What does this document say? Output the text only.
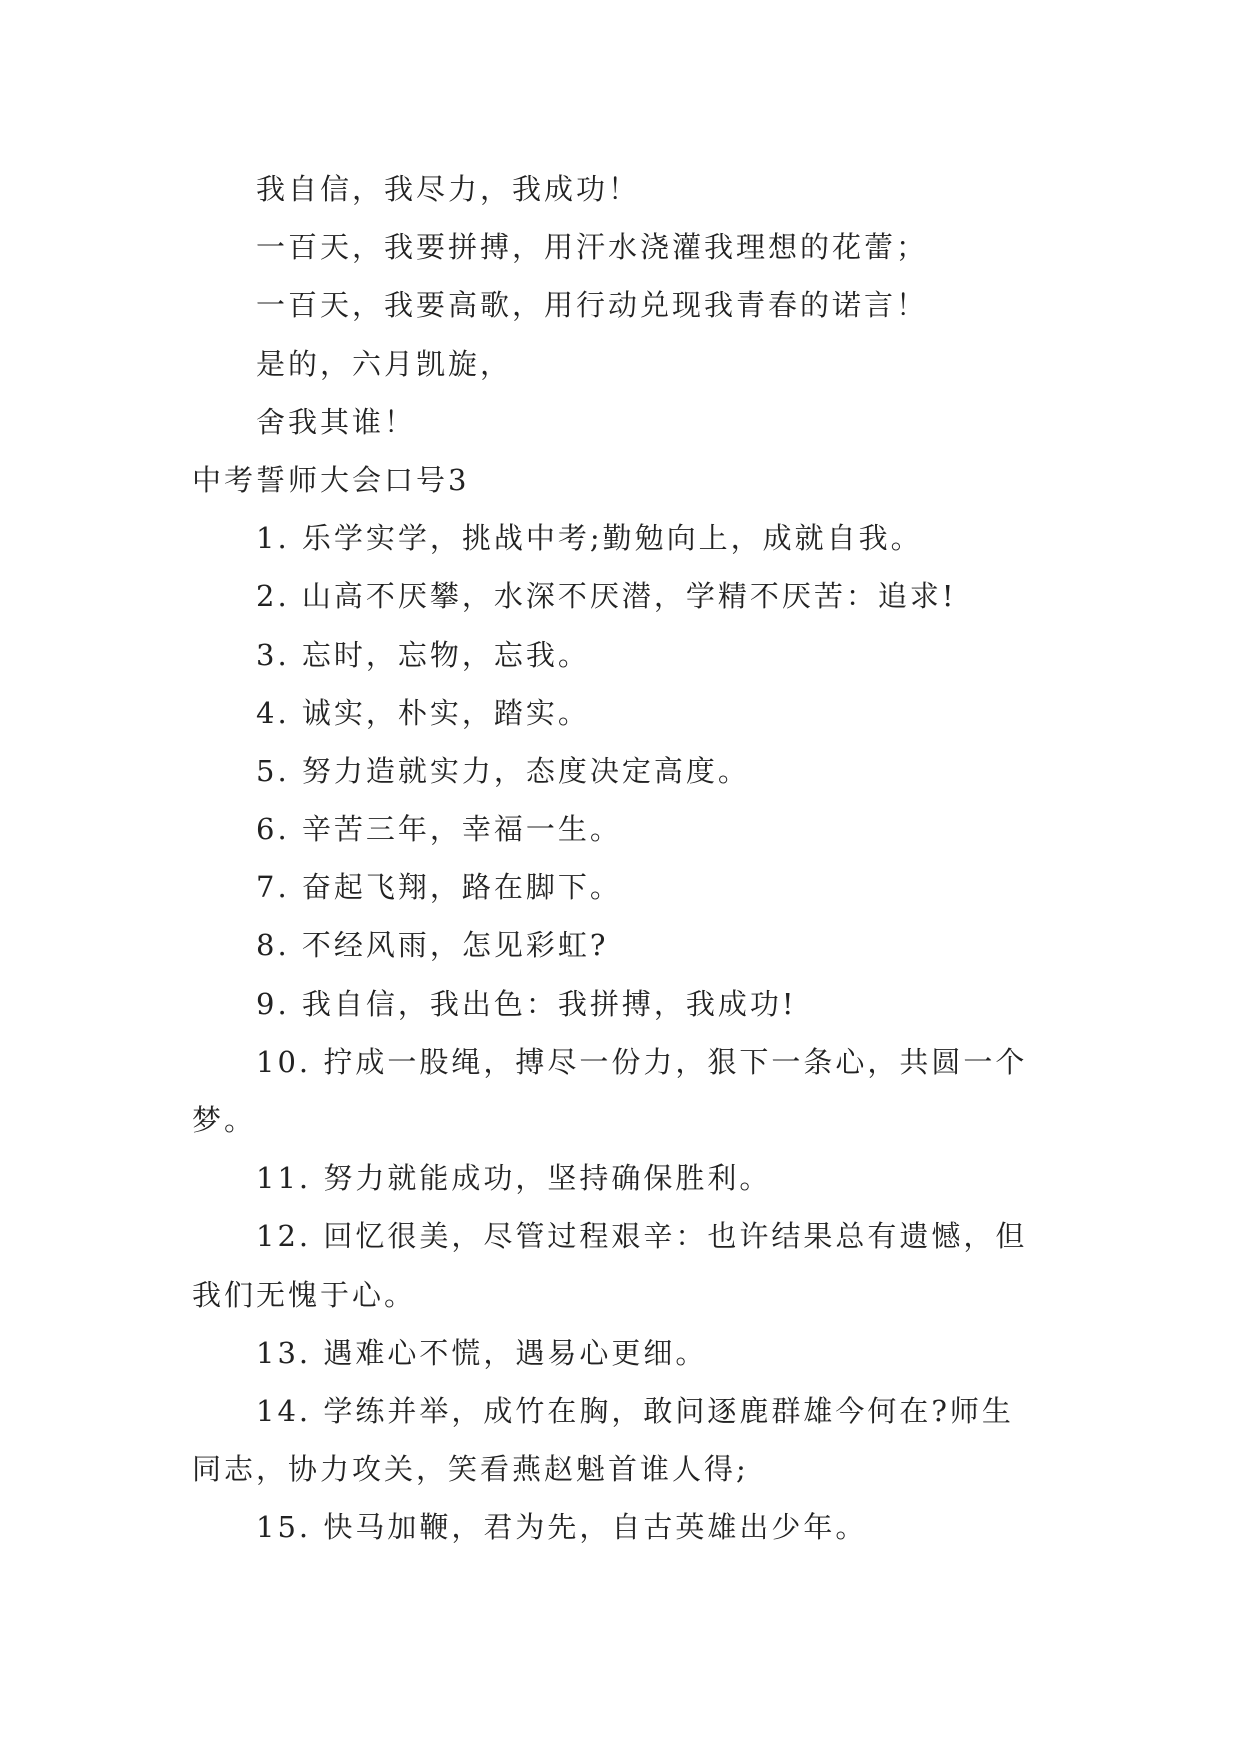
我自信，我尽力，我成功！
一百天，我要拼搏，用汗水浇灌我理想的花蕾；
一百天，我要高歌，用行动兑现我青春的诺言！
是的，六月凯旋，
舍我其谁！
中考誓师大会口号3
1. 乐学实学，挑战中考;勤勉向上，成就自我。
2. 山高不厌攀，水深不厌潜，学精不厌苦：追求!
3. 忘时，忘物，忘我。
4. 诚实，朴实，踏实。
5. 努力造就实力，态度决定高度。
6. 辛苦三年，幸福一生。
7. 奋起飞翔，路在脚下。
8. 不经风雨，怎见彩虹?
9. 我自信，我出色：我拼搏，我成功!
10. 拧成一股绳，搏尽一份力，狠下一条心，共圆一个
梦。
11. 努力就能成功，坚持确保胜利。
12. 回忆很美，尽管过程艰辛：也许结果总有遗憾，但
我们无愧于心。
13. 遇难心不慌，遇易心更细。
14. 学练并举，成竹在胸，敢问逐鹿群雄今何在?师生
同志，协力攻关，笑看燕赵魁首谁人得;
15. 快马加鞭，君为先，自古英雄出少年。
